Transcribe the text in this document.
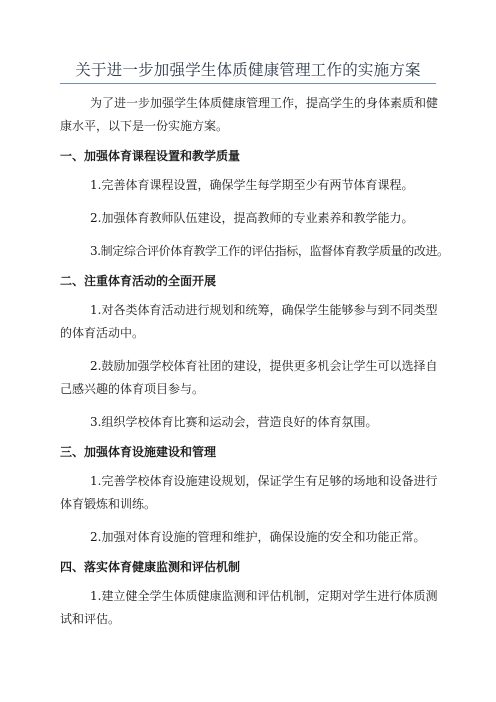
关于进一步加强学生体质健康管理工作的实施方案

为了进一步加强学生体质健康管理工作，提高学生的身体素质和健康水平，以下是一份实施方案。

一、加强体育课程设置和教学质量

1.完善体育课程设置，确保学生每学期至少有两节体育课程。

2.加强体育教师队伍建设，提高教师的专业素养和教学能力。

3.制定综合评价体育教学工作的评估指标，监督体育教学质量的改进。

二、注重体育活动的全面开展

1.对各类体育活动进行规划和统筹，确保学生能够参与到不同类型的体育活动中。

2.鼓励加强学校体育社团的建设，提供更多机会让学生可以选择自己感兴趣的体育项目参与。

3.组织学校体育比赛和运动会，营造良好的体育氛围。

三、加强体育设施建设和管理

1.完善学校体育设施建设规划，保证学生有足够的场地和设备进行体育锻炼和训练。

2.加强对体育设施的管理和维护，确保设施的安全和功能正常。

四、落实体育健康监测和评估机制

1.建立健全学生体质健康监测和评估机制，定期对学生进行体质测试和评估。
